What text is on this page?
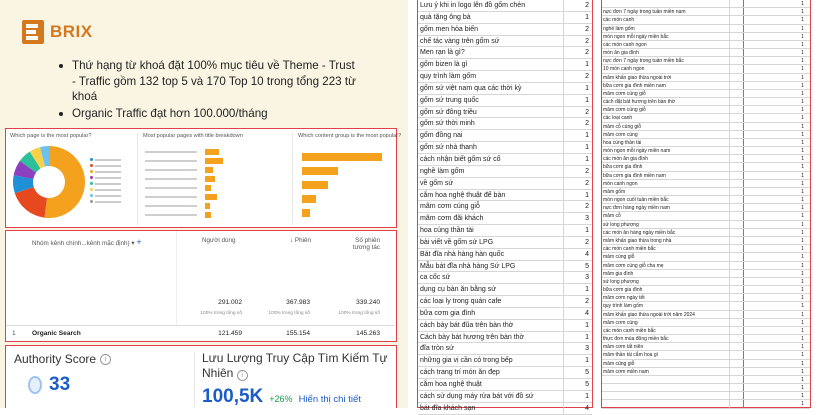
BRIX
Thứ hạng từ khoá đặt 100% mục tiêu về Theme - Trust - Traffic gồm 132 top 5 và 170 Top 10 trong tổng 223 từ khoá
Organic Traffic đạt hơn 100.000/tháng
Which page is the most popular?	Most popular pages with title breakdown	Which content group is the most popular?
Nhóm kênh chính...kênh mặc định) ▾ +	Người dùng	↓ Phiên	Số phiên tương tác
291.002	367.983	339.240
100% trong tổng số	100% trong tổng số	100% trong tổng số
1 Organic Search	121.459	155.154	145.263
Authority Score	i
33
Lưu Lượng Truy Cập Tìm Kiếm Tự Nhiên i
100,5K +26% Hiển thị chi tiết
Lưu ý khi in logo lên đồ gốm chén	2
quà tặng ông bà	1
gốm men hỏa biến	2
chế tác vàng trên gốm sứ	2
Men rạn là gì?	2
gốm bizen là gì	1
quy trình làm gốm	2
gốm sứ việt nam qua các thời kỳ	1
gốm sứ trung quốc	1
gốm sứ đông triều	2
gốm sứ thời minh	2
gốm đồng nai	1
gốm sứ nhà thanh	1
cách nhận biết gốm sứ cổ	1
nghề làm gốm	2
về gốm sứ	2
cắm hoa nghệ thuật để bàn	1
mâm cơm cúng giỗ	2
mâm cơm đãi khách	3
hoa cúng thần tài	1
bài viết về gốm sứ LPG	2
Bát đĩa nhà hàng hàn quốc	4
Mẫu bát đĩa nhà hàng Sứ LPG	5
ca cốc sứ	3
dụng cụ bàn ăn bằng sứ	1
các loại ly trong quán cafe	2
bữa cơm gia đình	4
cách bày bát đũa trên bàn thờ	1
Cách bày bát hương trên bàn thờ	1
đĩa tròn sứ	3
những gia vị cần có trong bếp	1
cách trang trí món ăn đẹp	5
cắm hoa nghệ thuật	5
cách sử dụng máy rửa bát với đồ sứ	1
bát đĩa khách sạn	4
1
nực đơn 7 ngày trong tuần miền nam	1
các món canh	1
nghề làm gốm	1
món ngon mỗi ngày miền bắc	1
các món canh ngon	1
món ăn gia đình	1
nực đơn 7 ngày trong tuần miền bắc	1
10 món canh ngon	1
mâm khấn giao thừa ngoài trời	1
bữa cơm gia đình miền nam	1
mâm cơm cúng giỗ	1
cách đặt bát hương trên bàn thờ	1
mâm cơm cúng giỗ	1
các loại canh	1
mâm cỗ cúng giỗ	1
mâm cơm cúng	1
hoa cúng thần tài	1
món ngon mỗi ngày miền nam	1
các món ăn gia đình	1
bữa cơm gia đình	1
bữa cơm gia đình miền nam	1
món canh ngon	1
mâm gốm	1
món ngon cuối tuần miền bắc	1
nực đơn hàng ngày miền nam	1
mâm cỗ	1
sứ long phượng	1
các món ăn hàng ngày miền bắc	1
mâm khấn giao thừa trong nhà	1
các món canh miền bắc	1
mâm cúng giỗ	1
mâm cơm cúng giỗ cha mẹ	1
mâm gia đình	1
sứ long phượng	1
bữa cơm gia đình	1
mâm cơm ngày tết	1
quy trình làm gốm	1
mâm khấn giao thừa ngoài trời năm 2024	1
mâm cơm cúng	1
các món canh miền bắc	1
thực đơn mùa đông miền bắc	1
mâm cơm tất niên	1
mâm thần tài cắm hoa gì	1
mâm cúng giỗ	1
mâm cơm miền nam	1
1
1
1
1
